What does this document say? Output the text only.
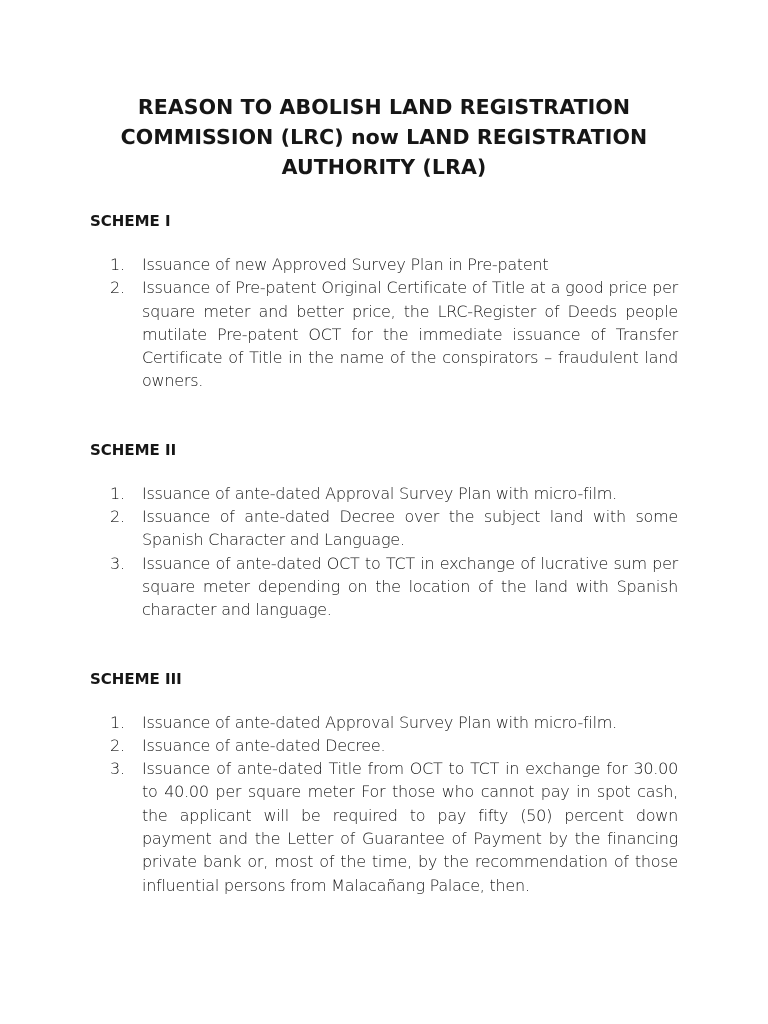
REASON TO ABOLISH LAND REGISTRATION
COMMISSION (LRC) now LAND REGISTRATION
AUTHORITY (LRA)
SCHEME I
1. Issuance of new Approved Survey Plan in Pre-patent
2. Issuance of Pre-patent Original Certificate of Title at a good price per square meter and better price, the LRC-Register of Deeds people mutilate Pre-patent OCT for the immediate issuance of Transfer Certificate of Title in the name of the conspirators – fraudulent land owners.
SCHEME II
1. Issuance of ante-dated Approval Survey Plan with micro-film.
2. Issuance of ante-dated Decree over the subject land with some Spanish Character and Language.
3. Issuance of ante-dated OCT to TCT in exchange of lucrative sum per square meter depending on the location of the land with Spanish character and language.
SCHEME III
1. Issuance of ante-dated Approval Survey Plan with micro-film.
2. Issuance of ante-dated Decree.
3. Issuance of ante-dated Title from OCT to TCT in exchange for 30.00 to 40.00 per square meter For those who cannot pay in spot cash, the applicant will be required to pay fifty (50) percent down payment and the Letter of Guarantee of Payment by the financing private bank or, most of the time, by the recommendation of those influential persons from Malacañang Palace, then.
